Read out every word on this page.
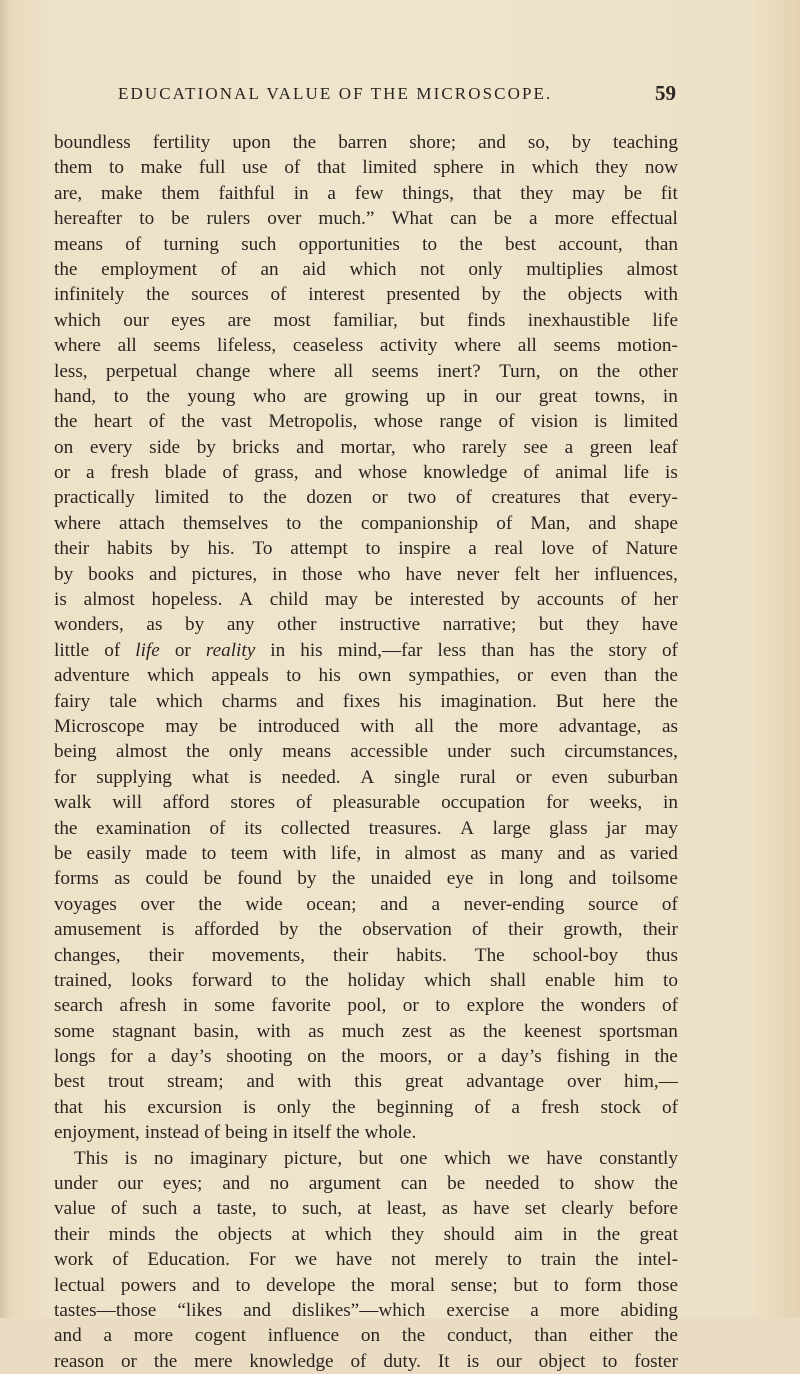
EDUCATIONAL VALUE OF THE MICROSCOPE.	59
boundless fertility upon the barren shore; and so, by teaching
them to make full use of that limited sphere in which they now
are, make them faithful in a few things, that they may be fit
hereafter to be rulers over much.” What can be a more effectual
means of turning such opportunities to the best account, than
the employment of an aid which not only multiplies almost
infinitely the sources of interest presented by the objects with
which our eyes are most familiar, but finds inexhaustible life
where all seems lifeless, ceaseless activity where all seems motion-
less, perpetual change where all seems inert? Turn, on the other
hand, to the young who are growing up in our great towns, in
the heart of the vast Metropolis, whose range of vision is limited
on every side by bricks and mortar, who rarely see a green leaf
or a fresh blade of grass, and whose knowledge of animal life is
practically limited to the dozen or two of creatures that every-
where attach themselves to the companionship of Man, and shape
their habits by his. To attempt to inspire a real love of Nature
by books and pictures, in those who have never felt her influences,
is almost hopeless. A child may be interested by accounts of her
wonders, as by any other instructive narrative; but they have
little of life or reality in his mind,—far less than has the story of
adventure which appeals to his own sympathies, or even than the
fairy tale which charms and fixes his imagination. But here the
Microscope may be introduced with all the more advantage, as
being almost the only means accessible under such circumstances,
for supplying what is needed. A single rural or even suburban
walk will afford stores of pleasurable occupation for weeks, in
the examination of its collected treasures. A large glass jar may
be easily made to teem with life, in almost as many and as varied
forms as could be found by the unaided eye in long and toilsome
voyages over the wide ocean; and a never-ending source of
amusement is afforded by the observation of their growth, their
changes, their movements, their habits. The school-boy thus
trained, looks forward to the holiday which shall enable him to
search afresh in some favorite pool, or to explore the wonders of
some stagnant basin, with as much zest as the keenest sportsman
longs for a day’s shooting on the moors, or a day’s fishing in the
best trout stream; and with this great advantage over him,—
that his excursion is only the beginning of a fresh stock of
enjoyment, instead of being in itself the whole.
This is no imaginary picture, but one which we have constantly
under our eyes; and no argument can be needed to show the
value of such a taste, to such, at least, as have set clearly before
their minds the objects at which they should aim in the great
work of Education. For we have not merely to train the intel-
lectual powers and to develope the moral sense; but to form those
tastes—those “likes and dislikes”—which exercise a more abiding
and a more cogent influence on the conduct, than either the
reason or the mere knowledge of duty. It is our object to foster
